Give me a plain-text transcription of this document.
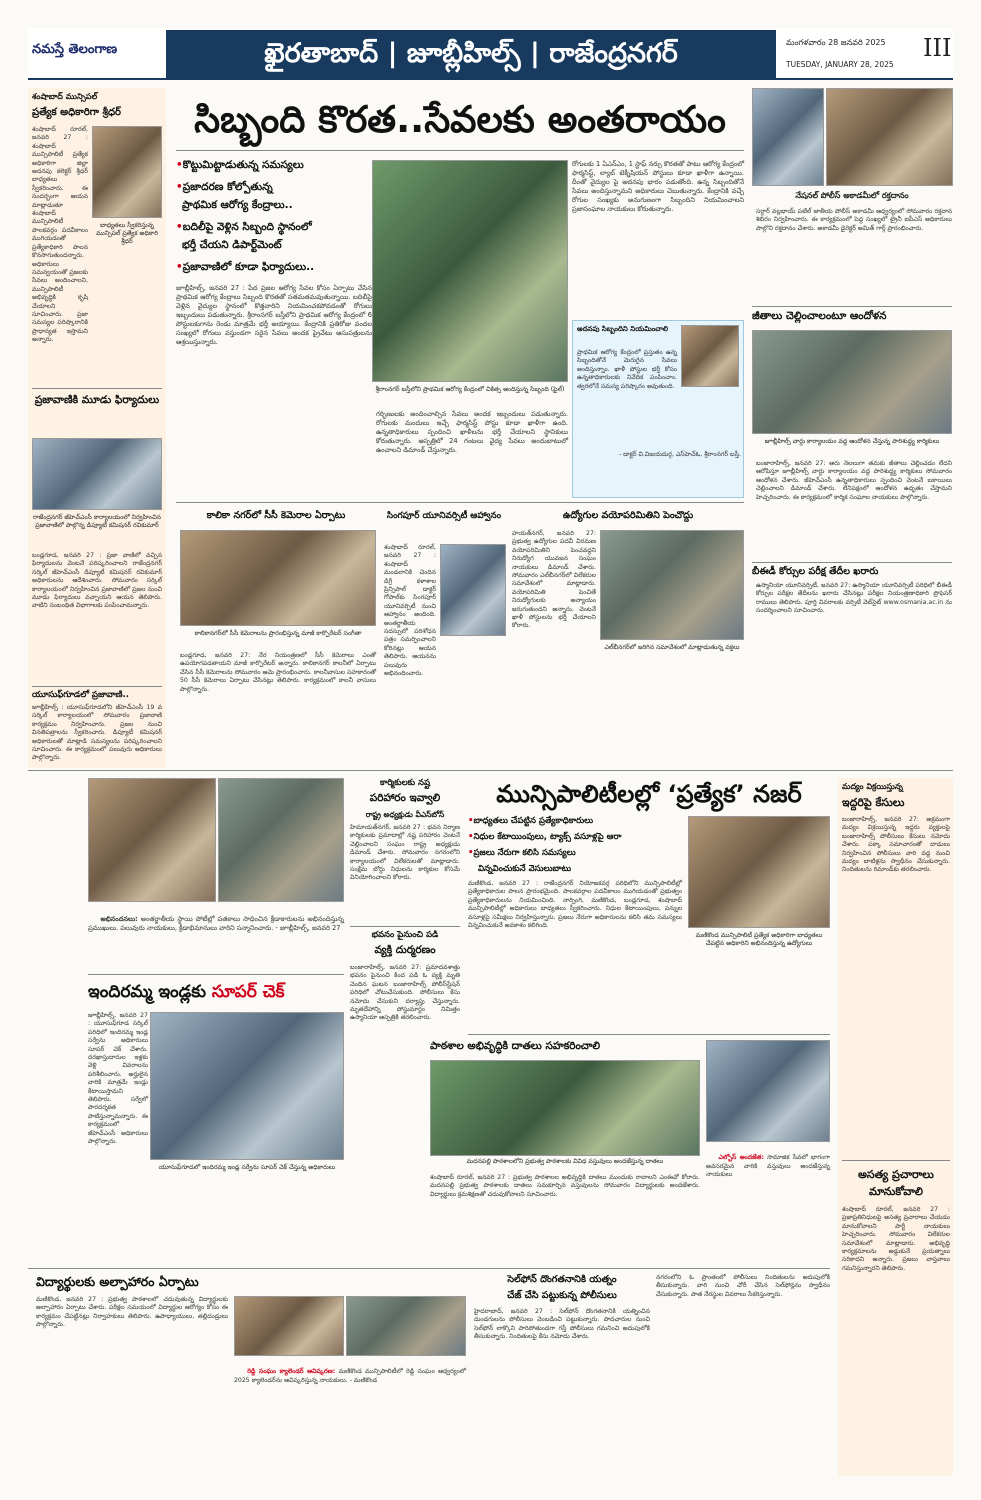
నమస్తే తెలంగాణ	ఖైరతాబాద్ | జూబ్లీహిల్స్ | రాజేంద్రనగర్	మంగళవారం 28 జనవరి 2025
TUESDAY, JANUARY 28, 2025
III
శంషాబాద్ మున్సిపల్
ప్రత్యేక అధికారిగా శ్రీధర్
శంషాబాద్ రూరల్, జనవరి 27 : శంషాబాద్ మున్సిపాలిటీ ప్రత్యేక అధికారిగా జిల్లా అదనపు కలెక్టర్ శ్రీధర్ బాధ్యతలు స్వీకరించారు. ఈ సందర్భంగా ఆయన మాట్లాడుతూ శంషాబాద్ మున్సిపాలిటీ పాలకవర్గం పదవీకాలం ముగియడంతో ప్రత్యేకాధికారి పాలన కొనసాగుతుందన్నారు. అధికారులు సమన్వయంతో ప్రజలకు సేవలు అందించాలని, మున్సిపాలిటీ అభివృద్ధికి కృషి చేయాలని సూచించారు. ప్రజా సమస్యల పరిష్కారానికి ప్రాధాన్యత ఇస్తామని అన్నారు.
బాధ్యతలు స్వీకరిస్తున్న మున్సిపల్ ప్రత్యేక అధికారి శ్రీధర్
ప్రజావాణికి మూడు ఫిర్యాదులు
రాజేంద్రనగర్ జీహెచ్ఎంసీ కార్యాలయంలో నిర్వహించిన ప్రజావాణిలో పాల్గొన్న డిప్యూటీ కమిషనర్ రవికుమార్
బండ్లగూడ, జనవరి 27 : ప్రజా వాణిలో వచ్చిన ఫిర్యాదులను వెంటనే పరిష్కరించాలని రాజేంద్రనగర్ సర్కిల్ జీహెచ్ఎంసీ డిప్యూటీ కమిషనర్ రవికుమార్ అధికారులను ఆదేశించారు. సోమవారం సర్కిల్ కార్యాలయంలో నిర్వహించిన ప్రజావాణిలో ప్రజల నుంచి మూడు ఫిర్యాదులు వచ్చాయని ఆయన తెలిపారు. వాటిని సంబంధిత విభాగాలకు పంపించామన్నారు.
యూసుఫ్‌గూడలో ప్రజావాణి..
జూబ్లీహిల్స్ : యూసుఫ్‌గూడలోని జీహెచ్ఎంసీ 19 వ సర్కిల్ కార్యాలయంలో సోమవారం ప్రజావాణి కార్యక్రమం నిర్వహించారు. ప్రజల నుంచి వినతిపత్రాలను స్వీకరించారు. డిప్యూటీ కమిషనర్ అధికారులతో మాట్లాడి సమస్యలను పరిష్కరించాలని సూచించారు. ఈ కార్యక్రమంలో పలువురు అధికారులు పాల్గొన్నారు.
సిబ్బంది కొరత..సేవలకు అంతరాయం
•కొట్టుమిట్టాడుతున్న సమస్యలు
•ప్రజాదరణ కోల్పోతున్న
ప్రాథమిక ఆరోగ్య కేంద్రాలు..
•బదిలీపై వెళ్లిన సిబ్బంది స్థానంలో
భర్తీ చేయని డిపార్ట్‌మెంట్
•ప్రజావాణిలో కూడా ఫిర్యాదులు..
జూబ్లీహిల్స్, జనవరి 27 : పేద ప్రజల ఆరోగ్య సేవల కోసం ఏర్పాటు చేసిన ప్రాథమిక ఆరోగ్య కేంద్రాలు సిబ్బంది కొరతతో సతమతమవుతున్నాయి. బదిలీపై వెళ్లిన వైద్యుల స్థానంలో కొత్తవారిని నియమించకపోవడంతో రోగులు ఇబ్బందులు పడుతున్నారు. శ్రీరాంనగర్ బస్తీలోని ప్రాథమిక ఆరోగ్య కేంద్రంలో 6 పోస్టులకుగాను రెండు మాత్రమే భర్తీ అయ్యాయి. కేంద్రానికి ప్రతిరోజు వందల సంఖ్యలో రోగులు వస్తుండగా సరైన సేవలు అందక ప్రైవేటు ఆసుపత్రులను ఆశ్రయిస్తున్నారు.
శ్రీరాంనగర్ బస్తీలోని ప్రాథమిక ఆరోగ్య కేంద్రంలో చికిత్స అందిస్తున్న సిబ్బంది (ఫైల్)
గర్భిణులకు అందించాల్సిన సేవలు అందక ఇబ్బందులు పడుతున్నారు. రోగులకు మందులు ఇచ్చే ఫార్మసిస్ట్ పోస్టు కూడా ఖాళీగా ఉంది. ఉన్నతాధికారులు స్పందించి ఖాళీలను భర్తీ చేయాలని స్థానికులు కోరుతున్నారు. ఆస్పత్రిలో 24 గంటలు వైద్య సేవలు అందుబాటులో ఉంచాలని డిమాండ్ చేస్తున్నారు.
రోగులకు 1 ఏఎన్ఎం, 1 స్టాఫ్ నర్సు కొరతతో పాటు ఆరోగ్య కేంద్రంలో ఫార్మసిస్ట్, ల్యాబ్ టెక్నీషియన్ పోస్టులు కూడా ఖాళీగా ఉన్నాయి. దీంతో వైద్యుల పై అదనపు భారం పడుతోంది. ఉన్న సిబ్బందితోనే సేవలు అందిస్తున్నామని అధికారులు చెబుతున్నారు. కేంద్రానికి వచ్చే రోగుల సంఖ్యకు అనుగుణంగా సిబ్బందిని నియమించాలని ప్రజాసంఘాల నాయకులు కోరుతున్నారు.
అదనపు సిబ్బందిని నియమించాలి
ప్రాథమిక ఆరోగ్య కేంద్రంలో ప్రస్తుతం ఉన్న సిబ్బందితోనే మెరుగైన సేవలు అందిస్తున్నాం. ఖాళీ పోస్టుల భర్తీ కోసం ఉన్నతాధికారులకు నివేదిక పంపించాం. త్వరలోనే సమస్య పరిష్కారం అవుతుంది.
- డాక్టర్ వి.విజయదుర్గ, ఎస్‌హెచ్ఓ, శ్రీరాంనగర్ బస్తీ.
నేషనల్ పోలీస్ అకాడమీలో రక్తదానం
సర్దార్ వల్లభాయ్ పటేల్ జాతీయ పోలీస్ అకాడమీ ఆధ్వర్యంలో సోమవారం రక్తదాన శిబిరం నిర్వహించారు. ఈ కార్యక్రమంలో పెద్ద సంఖ్యలో ట్రైనీ ఐపీఎస్ అధికారులు పాల్గొని రక్తదానం చేశారు. అకాడమీ డైరెక్టర్ అమిత్ గార్గ్ ప్రారంభించారు.
జీతాలు చెల్లించాలంటూ ఆందోళన
జూబ్లీహిల్స్ వార్డు కార్యాలయం వద్ద ఆందోళన చేస్తున్న పారిశుద్ధ్య కార్మికులు
బంజారాహిల్స్, జనవరి 27: ఆరు నెలలుగా తమకు జీతాలు చెల్లించడం లేదని ఆరోపిస్తూ జూబ్లీహిల్స్ వార్డు కార్యాలయం వద్ద పారిశుద్ధ్య కార్మికులు సోమవారం ఆందోళన చేశారు. జీహెచ్ఎంసీ ఉన్నతాధికారులు స్పందించి వెంటనే బకాయిలు చెల్లించాలని డిమాండ్ చేశారు. లేనిపక్షంలో ఆందోళన ఉధృతం చేస్తామని హెచ్చరించారు. ఈ కార్యక్రమంలో కార్మిక సంఘాల నాయకులు పాల్గొన్నారు.
బీఈడీ కోర్సుల పరీక్ష తేదీల ఖరారు
ఉస్మానియా యూనివర్సిటీ, జనవరి 27: ఉస్మానియా యూనివర్సిటీ పరిధిలో బీఈడీ కోర్సుల పరీక్షల తేదీలను ఖరారు చేసినట్లు పరీక్షల నియంత్రణాధికారి ప్రొఫెసర్ రాములు తెలిపారు. పూర్తి వివరాలకు వర్సిటీ వెబ్‌సైట్ www.osmania.ac.in ను సందర్శించాలని సూచించారు.
కాలికా నగర్‌లో సీసీ కెమెరాల ఏర్పాటు
కాలికానగర్‌లో సీసీ కెమెరాలను ప్రారంభిస్తున్న మాజీ కార్పొరేటర్ సంగీతా
బండ్లగూడ, జనవరి 27: నేర నియంత్రణలో సీసీ కెమెరాలు ఎంతో ఉపయోగపడతాయని మాజీ కార్పొరేటర్ అన్నారు. కాలికానగర్ కాలనీలో ఏర్పాటు చేసిన సీసీ కెమెరాలను సోమవారం ఆమె ప్రారంభించారు. కాలనీవాసుల సహకారంతో 50 సీసీ కెమెరాలు ఏర్పాటు చేసినట్లు తెలిపారు. కార్యక్రమంలో కాలనీ వాసులు పాల్గొన్నారు.
సింగపూర్ యూనివర్సిటీ ఆహ్వానం
శంషాబాద్ రూరల్, జనవరి 27 : శంషాబాద్ మండలానికి చెందిన డిగ్రీ కళాశాల ప్రిన్సిపాల్ డాక్టర్ గోపాల్‌కు సింగపూర్ యూనివర్సిటీ నుంచి ఆహ్వానం అందింది. అంతర్జాతీయ సదస్సులో పరిశోధన పత్రం సమర్పించాలని కోరినట్లు ఆయన తెలిపారు. ఆయనను పలువురు అభినందించారు.
ఉద్యోగుల వయోపరిమితిని పెంచొద్దు
ఎల్‌బీనగర్‌లో జరిగిన సమావేశంలో మాట్లాడుతున్న వక్తలు
హయత్‌నగర్, జనవరి 27: ప్రభుత్వ ఉద్యోగుల పదవీ విరమణ వయోపరిమితిని పెంచవద్దని నిరుద్యోగ యువజన సంఘం నాయకులు డిమాండ్ చేశారు. సోమవారం ఎల్‌బీనగర్‌లో విలేకరుల సమావేశంలో మాట్లాడారు. వయోపరిమితి పెంచితే నిరుద్యోగులకు అన్యాయం జరుగుతుందని అన్నారు. వెంటనే ఖాళీ పోస్టులను భర్తీ చేయాలని కోరారు.

అభినందనలు: అంతర్జాతీయ స్థాయి పోటీల్లో పతకాలు సాధించిన క్రీడాకారులను అభినందిస్తున్న ప్రముఖులు. పలువురు నాయకులు, క్రీడాభిమానులు వారిని సన్మానించారు. - జూబ్లీహిల్స్, జనవరి 27

ఇందిరమ్మ ఇండ్లకు సూపర్ చెక్
జూబ్లీహిల్స్, జనవరి 27 : యూసుఫ్‌గూడ సర్కిల్ పరిధిలో ఇందిరమ్మ ఇండ్ల సర్వేను అధికారులు సూపర్ చెక్ చేశారు. దరఖాస్తుదారుల ఇళ్లకు వెళ్లి వివరాలను పరిశీలించారు. అర్హులైన వారికి మాత్రమే ఇండ్లు కేటాయిస్తామని తెలిపారు. సర్వేలో పారదర్శకత పాటిస్తున్నామన్నారు. ఈ కార్యక్రమంలో జీహెచ్ఎంసీ అధికారులు పాల్గొన్నారు.
యూసుఫ్‌గూడలో ఇందిరమ్మ ఇండ్ల సర్వేను సూపర్ చెక్ చేస్తున్న అధికారులు
కార్మికులకు నష్ట
పరిహారం ఇవ్వాలి
రాష్ట్ర అధ్యక్షుడు వీఎస్‌బోస్
హిమాయత్‌నగర్, జనవరి 27 : భవన నిర్మాణ కార్మికులకు ప్రమాదాల్లో నష్ట పరిహారం వెంటనే చెల్లించాలని సంఘం రాష్ట్ర అధ్యక్షుడు డిమాండ్ చేశారు. సోమవారం నగరంలోని కార్యాలయంలో విలేకరులతో మాట్లాడారు. సంక్షేమ బోర్డు నిధులను కార్మికుల కోసమే వినియోగించాలని కోరారు.
భవనం పైనుంచి పడి
వ్యక్తి దుర్మరణం
బంజారాహిల్స్, జనవరి 27: ప్రమాదవశాత్తు భవనం పైనుంచి కింద పడి ఓ వ్యక్తి మృతి చెందిన ఘటన బంజారాహిల్స్ పోలీస్‌స్టేషన్ పరిధిలో చోటుచేసుకుంది. పోలీసులు కేసు నమోదు చేసుకుని దర్యాప్తు చేస్తున్నారు. మృతదేహాన్ని పోస్టుమార్టం నిమిత్తం ఉస్మానియా ఆస్పత్రికి తరలించారు.
మున్సిపాలిటీలల్లో ‘ప్రత్యేక’ నజర్
•బాధ్యతలు చేపట్టిన ప్రత్యేకాధికారులు
•నిధుల కేటాయింపులు, ట్యాక్స్ వసూళ్లపై ఆరా
•ప్రజలు నేరుగా కలిసి సమస్యలు
విన్నవించుకునే వెసులుబాటు
మణికొండ, జనవరి 27 : రాజేంద్రనగర్ నియోజకవర్గ పరిధిలోని మున్సిపాలిటీల్లో ప్రత్యేకాధికారుల పాలన ప్రారంభమైంది. పాలకవర్గాల పదవీకాలం ముగియడంతో ప్రభుత్వం ప్రత్యేకాధికారులను నియమించింది. నార్సింగి, మణికొండ, బండ్లగూడ, శంషాబాద్ మున్సిపాలిటీల్లో అధికారులు బాధ్యతలు స్వీకరించారు. నిధుల కేటాయింపులు, పన్నుల వసూళ్లపై సమీక్షలు నిర్వహిస్తున్నారు. ప్రజలు నేరుగా అధికారులను కలిసి తమ సమస్యలు విన్నవించుకునే అవకాశం కలిగింది.
మణికొండ మున్సిపాలిటీ ప్రత్యేక అధికారిగా బాధ్యతలు చేపట్టిన అధికారిని అభినందిస్తున్న ఉద్యోగులు
పాఠశాల అభివృద్ధికి దాతలు సహకరించాలి
మదనపల్లి పాఠశాలలోని ప్రభుత్వ పాఠశాలకు వివిధ వస్తువులు అందజేస్తున్న దాతలు
శంషాబాద్ రూరల్, జనవరి 27 : ప్రభుత్వ పాఠశాలల అభివృద్ధికి దాతలు ముందుకు రావాలని ఎంఈవో కోరారు. మదనపల్లి ప్రభుత్వ పాఠశాలకు దాతలు సమకూర్చిన వస్తువులను సోమవారం విద్యార్థులకు అందజేశారు. విద్యార్థులు క్రమశిక్షణతో చదువుకోవాలని సూచించారు.

ఎల్బోస్ అందజేత: సామాజిక సేవలో భాగంగా అవసరమైన వారికి వస్తువులు అందజేస్తున్న నాయకులు

విద్యార్థులకు అల్పాహారం ఏర్పాటు
మణికొండ, జనవరి 27 : ప్రభుత్వ పాఠశాలలో చదువుతున్న విద్యార్థులకు అల్పాహారం ఏర్పాటు చేశారు. పరీక్షల సమయంలో విద్యార్థుల ఆరోగ్యం కోసం ఈ కార్యక్రమం చేపట్టినట్లు నిర్వాహకులు తెలిపారు. ఉపాధ్యాయులు, తల్లిదండ్రులు పాల్గొన్నారు.

రెడ్డి సంఘం క్యాలెండర్ ఆవిష్కరణ: మణికొండ మున్సిపాలిటీలో రెడ్డి సంఘం ఆధ్వర్యంలో 2025 క్యాలెండర్‌ను ఆవిష్కరిస్తున్న నాయకులు. - మణికొండ

సెల్‌ఫోన్ దొంగతనానికి యత్నం
చేజ్ చేసి పట్టుకున్న పోలీసులు
హైదరాబాద్, జనవరి 27 : సెల్‌ఫోన్ దొంగతనానికి యత్నించిన దుండగులను పోలీసులు వెంబడించి పట్టుకున్నారు. పాదచారుల నుంచి సెల్‌ఫోన్ లాక్కొని పారిపోతుండగా గస్తీ పోలీసులు గమనించి అదుపులోకి తీసుకున్నారు. నిందితులపై కేసు నమోదు చేశారు.
నగరంలోని ఓ ప్రాంతంలో పోలీసులు నిందితులను అదుపులోకి తీసుకున్నారు. వారి నుంచి చోరీ చేసిన సెల్‌ఫోన్లను స్వాధీనం చేసుకున్నారు. పాత నేరస్థుల వివరాలు సేకరిస్తున్నారు.
మద్యం విక్రయిస్తున్న
ఇద్దరిపై కేసులు
బంజారాహిల్స్, జనవరి 27: అక్రమంగా మద్యం విక్రయిస్తున్న ఇద్దరు వ్యక్తులపై బంజారాహిల్స్ పోలీసులు కేసులు నమోదు చేశారు. పక్కా సమాచారంతో దాడులు నిర్వహించిన పోలీసులు వారి వద్ద నుంచి మద్యం బాటిళ్లను స్వాధీనం చేసుకున్నారు. నిందితులను రిమాండ్‌కు తరలించారు.
అసత్య ప్రచారాలు మానుకోవాలి
శంషాబాద్ రూరల్, జనవరి 27 : ప్రజాప్రతినిధులపై అసత్య ప్రచారాలు చేయడం మానుకోవాలని పార్టీ నాయకులు హెచ్చరించారు. సోమవారం విలేకరుల సమావేశంలో మాట్లాడారు. అభివృద్ధి కార్యక్రమాలను అడ్డుకునే ప్రయత్నాలు సరికాదని అన్నారు. ప్రజలు వాస్తవాలు గమనిస్తున్నారని తెలిపారు.
